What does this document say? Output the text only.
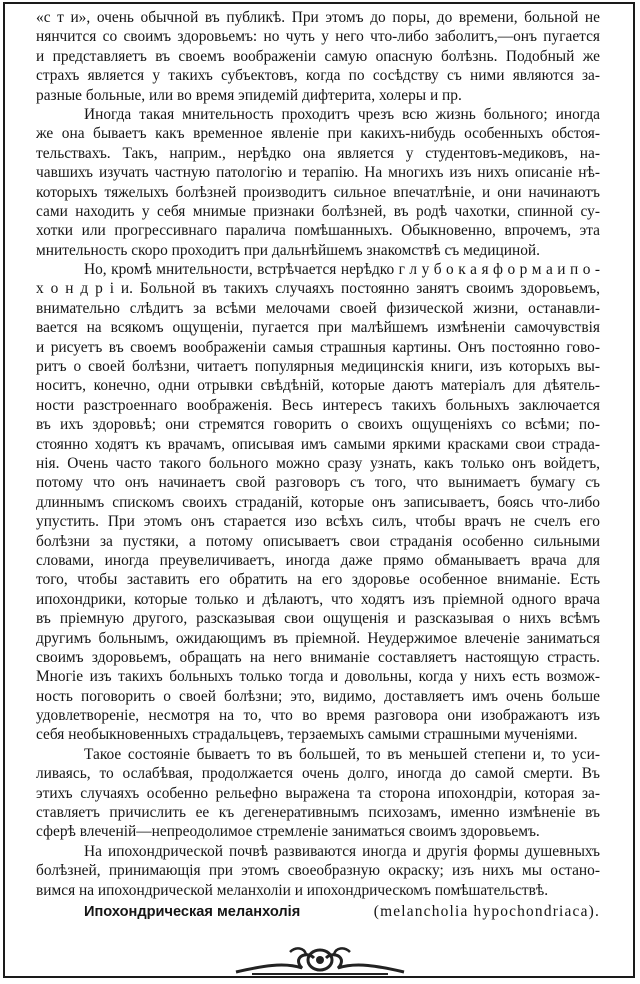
«с т и», очень обычной въ публикѣ. При этомъ до поры, до времени, больной не
нянчится со своимъ здоровьемъ: но чуть у него что-либо заболитъ,—онъ пугается
и представляетъ въ своемъ воображеніи самую опасную болѣзнь. Подобный же
страхъ является у такихъ субъектовъ, когда по сосѣдству съ ними являются за-
разные больные, или во время эпидемій дифтерита, холеры и пр.
Иногда такая мнительность проходитъ чрезъ всю жизнь больного; иногда
же она бываетъ какъ временное явленіе при какихъ-нибудь особенныхъ обстоя-
тельствахъ. Такъ, наприм., нерѣдко она является у студентовъ-медиковъ, на-
чавшихъ изучать частную патологію и терапію. На многихъ изъ нихъ описаніе нѣ-
которыхъ тяжелыхъ болѣзней производитъ сильное впечатлѣніе, и они начинаютъ
сами находить у себя мнимые признаки болѣзней, въ родѣ чахотки, спинной су-
хотки или прогрессивнаго паралича помѣшанныхъ. Обыкновенно, впрочемъ, эта
мнительность скоро проходитъ при дальнѣйшемъ знакомствѣ съ медициной.
Но, кромѣ мнительности, встрѣчается нерѣдко г л у б о к а я ф о р м а и п о -
х о н д р і и. Больной въ такихъ случаяхъ постоянно занятъ своимъ здоровьемъ,
внимательно слѣдитъ за всѣми мелочами своей физической жизни, останавли-
вается на всякомъ ощущеніи, пугается при малѣйшемъ измѣненіи самочувствія
и рисуетъ въ своемъ воображеніи самыя страшныя картины. Онъ постоянно гово-
ритъ о своей болѣзни, читаетъ популярныя медицинскія книги, изъ которыхъ вы-
носитъ, конечно, одни отрывки свѣдѣній, которые даютъ матеріалъ для дѣятель-
ности разстроеннаго воображенія. Весь интересъ такихъ больныхъ заключается
въ ихъ здоровьѣ; они стремятся говорить о своихъ ощущеніяхъ со всѣми; по-
стоянно ходятъ къ врачамъ, описывая имъ самыми яркими красками свои страда-
нія. Очень часто такого больного можно сразу узнать, какъ только онъ войдетъ,
потому что онъ начинаетъ свой разговоръ съ того, что вынимаетъ бумагу съ
длиннымъ спискомъ своихъ страданій, которые онъ записываетъ, боясь что-либо
упустить. При этомъ онъ старается изо всѣхъ силъ, чтобы врачъ не счелъ его
болѣзни за пустяки, а потому описываетъ свои страданія особенно сильными
словами, иногда преувеличиваетъ, иногда даже прямо обманываетъ врача для
того, чтобы заставить его обратить на его здоровье особенное вниманіе. Есть
ипохондрики, которые только и дѣлаютъ, что ходятъ изъ пріемной одного врача
въ пріемную другого, разсказывая свои ощущенія и разсказывая о нихъ всѣмъ
другимъ больнымъ, ожидающимъ въ пріемной. Неудержимое влеченіе заниматься
своимъ здоровьемъ, обращать на него вниманіе составляетъ настоящую страсть.
Многіе изъ такихъ больныхъ только тогда и довольны, когда у нихъ есть возмож-
ность поговорить о своей болѣзни; это, видимо, доставляетъ имъ очень больше
удовлетвореніе, несмотря на то, что во время разговора они изображаютъ изъ
себя необыкновенныхъ страдальцевъ, терзаемыхъ самыми страшными мученіями.
Такое состояніе бываетъ то въ большей, то въ меньшей степени и, то уси-
ливаясь, то ослабѣвая, продолжается очень долго, иногда до самой смерти. Въ
этихъ случаяхъ особенно рельефно выражена та сторона ипохондріи, которая за-
ставляетъ причислить ее къ дегенеративнымъ психозамъ, именно измѣненіе въ
сферѣ влеченій—непреодолимое стремленіе заниматься своимъ здоровьемъ.
На ипохондрической почвѣ развиваются иногда и другія формы душевныхъ
болѣзней, принимающія при этомъ своеобразную окраску; изъ нихъ мы остано-
вимся на ипохондрической меланхоліи и ипохондрическомъ помѣшательствѣ.
Ипохондрическая меланхолія	(melancholia hypochondriaca).
